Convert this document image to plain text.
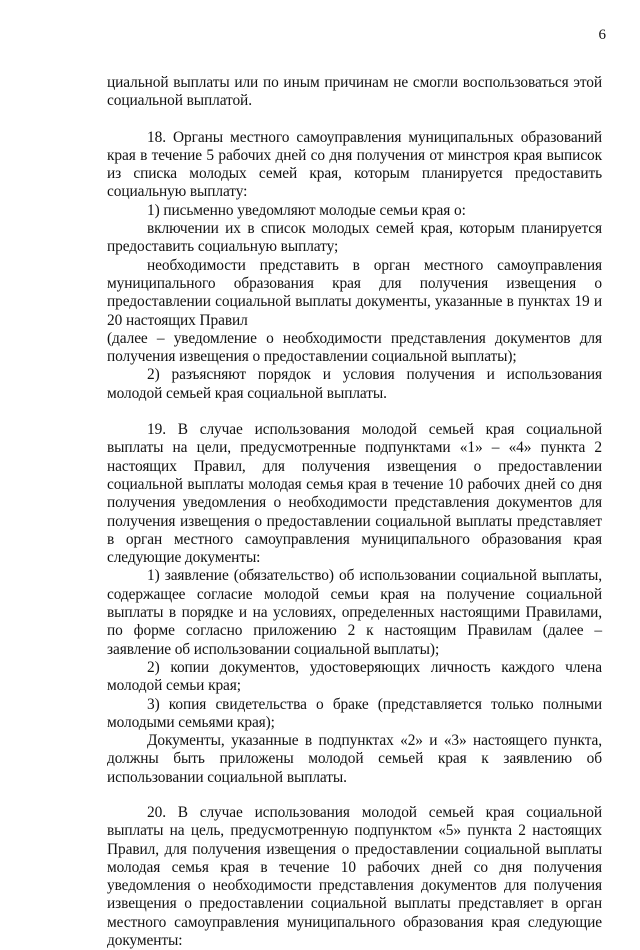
6

циальной выплаты или по иным причинам не смогли воспользоваться этой социальной выплатой.

18. Органы местного самоуправления муниципальных образований края в течение 5 рабочих дней со дня получения от минстроя края выписок из списка молодых семей края, которым планируется предоставить социальную выплату:

1) письменно уведомляют молодые семьи края о:

включении их в список молодых семей края, которым планируется предоставить социальную выплату;

необходимости представить в орган местного самоуправления муниципального образования края для получения извещения о предоставлении социальной выплаты документы, указанные в пунктах 19 и 20 настоящих Правил

(далее – уведомление о необходимости представления документов для получения извещения о предоставлении социальной выплаты);

2) разъясняют порядок и условия получения и использования молодой семьей края социальной выплаты.

19. В случае использования молодой семьей края социальной выплаты на цели, предусмотренные подпунктами «1» – «4» пункта 2 настоящих Правил, для получения извещения о предоставлении социальной выплаты молодая семья края в течение 10 рабочих дней со дня получения уведомления о необходимости представления документов для получения извещения о предоставлении социальной выплаты представляет в орган местного самоуправления муниципального образования края следующие документы:

1) заявление (обязательство) об использовании социальной выплаты, содержащее согласие молодой семьи края на получение социальной выплаты в порядке и на условиях, определенных настоящими Правилами, по форме согласно приложению 2 к настоящим Правилам (далее – заявление об использовании социальной выплаты);

2) копии документов, удостоверяющих личность каждого члена молодой семьи края;

3) копия свидетельства о браке (представляется только полными молодыми семьями края);

Документы, указанные в подпунктах «2» и «3» настоящего пункта, должны быть приложены молодой семьей края к заявлению об использовании социальной выплаты.

20. В случае использования молодой семьей края социальной выплаты на цель, предусмотренную подпунктом «5» пункта 2 настоящих Правил, для получения извещения о предоставлении социальной выплаты молодая семья края в течение 10 рабочих дней со дня получения уведомления о необходимости представления документов для получения извещения о предоставлении социальной выплаты представляет в орган местного самоуправления муниципального образования края следующие документы:
